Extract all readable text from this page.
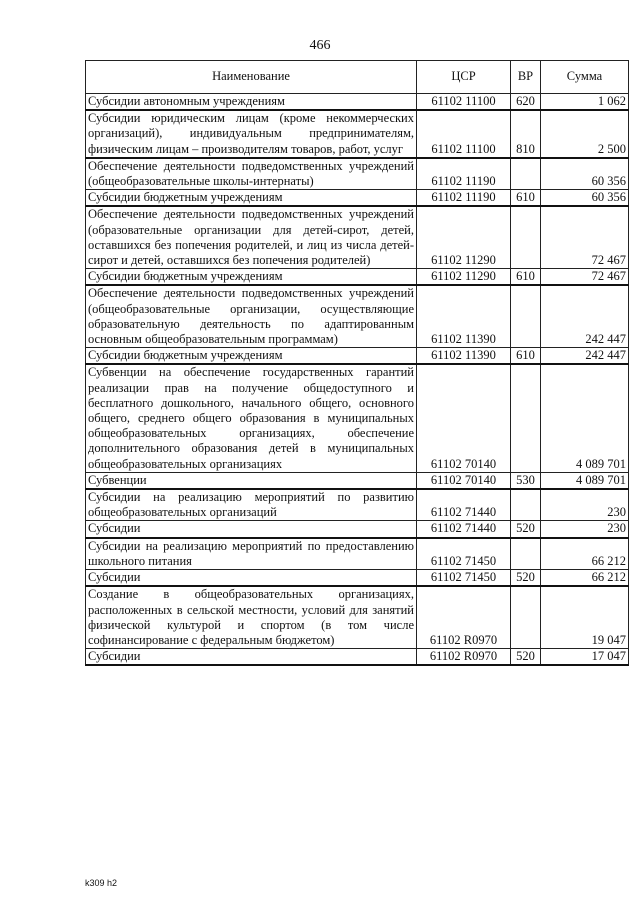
466
Наименование	ЦСР	ВР	Сумма
Субсидии автономным учреждениям	61102 11100	620	1 062
Субсидии юридическим лицам (кроме некоммерческих организаций), индивидуальным предпринимателям, физическим лицам – производителям товаров, работ, услуг	61102 11100	810	2 500
Обеспечение деятельности подведомственных учреждений (общеобразовательные школы-интернаты)	61102 11190		60 356
Субсидии бюджетным учреждениям	61102 11190	610	60 356
Обеспечение деятельности подведомственных учреждений (образовательные организации для детей-сирот, детей, оставшихся без попечения родителей, и лиц из числа детей-сирот и детей, оставшихся без попечения родителей)	61102 11290		72 467
Субсидии бюджетным учреждениям	61102 11290	610	72 467
Обеспечение деятельности подведомственных учреждений (общеобразовательные организации, осуществляющие образовательную деятельность по адаптированным основным общеобразовательным программам)	61102 11390		242 447
Субсидии бюджетным учреждениям	61102 11390	610	242 447
Субвенции на обеспечение государственных гарантий реализации прав на получение общедоступного и бесплатного дошкольного, начального общего, основного общего, среднего общего образования в муниципальных общеобразовательных организациях, обеспечение дополнительного образования детей в муниципальных общеобразовательных организациях	61102 70140		4 089 701
Субвенции	61102 70140	530	4 089 701
Субсидии на реализацию мероприятий по развитию общеобразовательных организаций	61102 71440		230
Субсидии	61102 71440	520	230
Субсидии на реализацию мероприятий по предоставлению школьного питания	61102 71450		66 212
Субсидии	61102 71450	520	66 212
Создание в общеобразовательных организациях, расположенных в сельской местности, условий для занятий физической культурой и спортом (в том числе софинансирование с федеральным бюджетом)	61102 R0970		19 047
Субсидии	61102 R0970	520	17 047
k309 h2
